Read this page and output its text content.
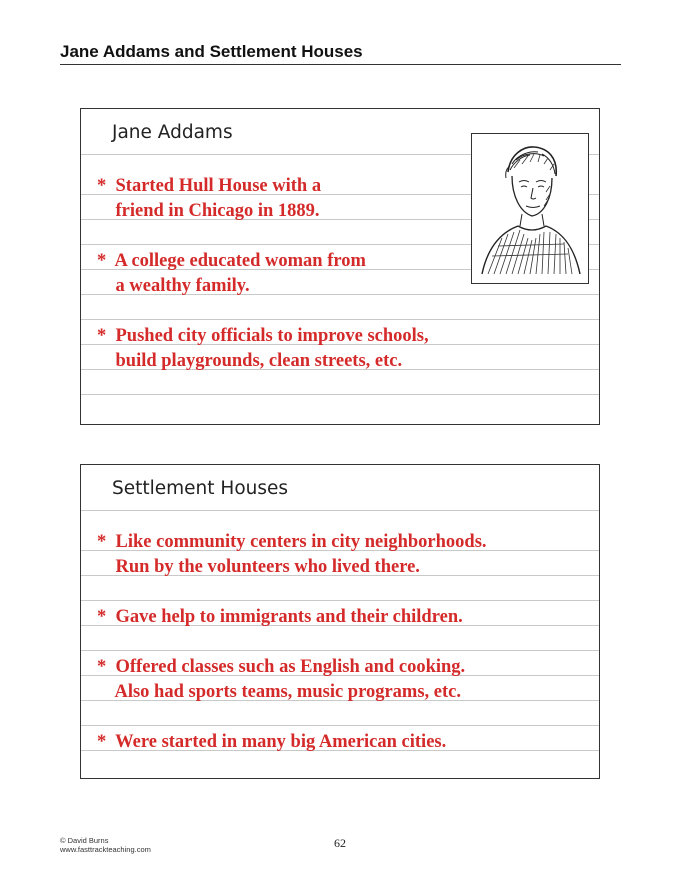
Jane Addams and Settlement Houses
Jane Addams
*  Started Hull House with a
friend in Chicago in 1889.
*  A college educated woman from
a wealthy family.
*  Pushed city officials to improve schools,
build playgrounds, clean streets, etc.
Settlement Houses
*  Like community centers in city neighborhoods.
Run by the volunteers who lived there.
*  Gave help to immigrants and their children.
*  Offered classes such as English and cooking.
Also had sports teams, music programs, etc.
*  Were started in many big American cities.
© David Burns
www.fasttrackteaching.com	62
